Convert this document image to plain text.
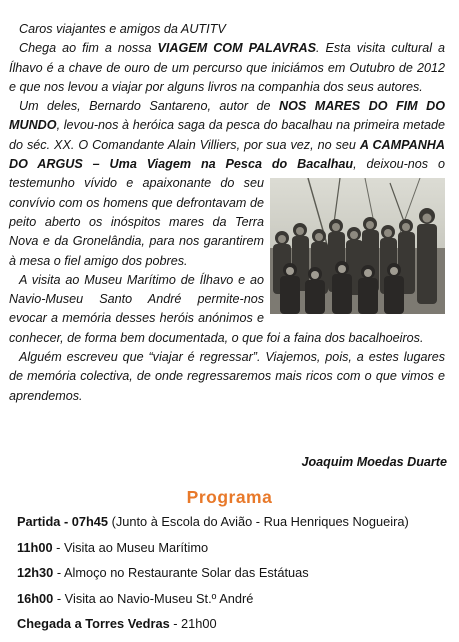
Caros viajantes e amigos da AUTITV

Chega ao fim a nossa VIAGEM COM PALAVRAS. Esta visita cultural a Ílhavo é a chave de ouro de um percurso que iniciámos em Outubro de 2012 e que nos levou a viajar por alguns livros na companhia dos seus autores.

Um deles, Bernardo Santareno, autor de NOS MARES DO FIM DO MUNDO, levou-nos à heróica saga da pesca do bacalhau na primeira metade do séc. XX. O Comandante Alain Villiers, por sua vez, no seu A CAMPANHA DO ARGUS – Uma Viagem na Pesca do Bacalhau
, deixou-nos o testemunho vívido e apaixonante do seu convívio com os homens que defrontavam de peito aberto os inóspitos mares da Terra Nova e da Gronelândia, para nos garantirem à mesa o fiel amigo dos pobres.

A visita ao Museu Marítimo de Ílhavo e ao Navio-Museu Santo André permite-nos evocar a memória desses heróis anónimos e conhecer, de forma bem documentada, o que foi a faina dos bacalhoeiros.

Alguém escreveu que “viajar é regressar”. Viajemos, pois, a estes lugares de memória colectiva, de onde regressaremos mais ricos com o que vimos e aprendemos.

Joaquim Moedas Duarte
Programa
Partida - 07h45 (Junto à Escola do Avião - Rua Henriques Nogueira)
11h00 - Visita ao Museu Marítimo
12h30 - Almoço no Restaurante Solar das Estátuas
16h00 - Visita ao Navio-Museu St.º André
Chegada a Torres Vedras - 21h00
